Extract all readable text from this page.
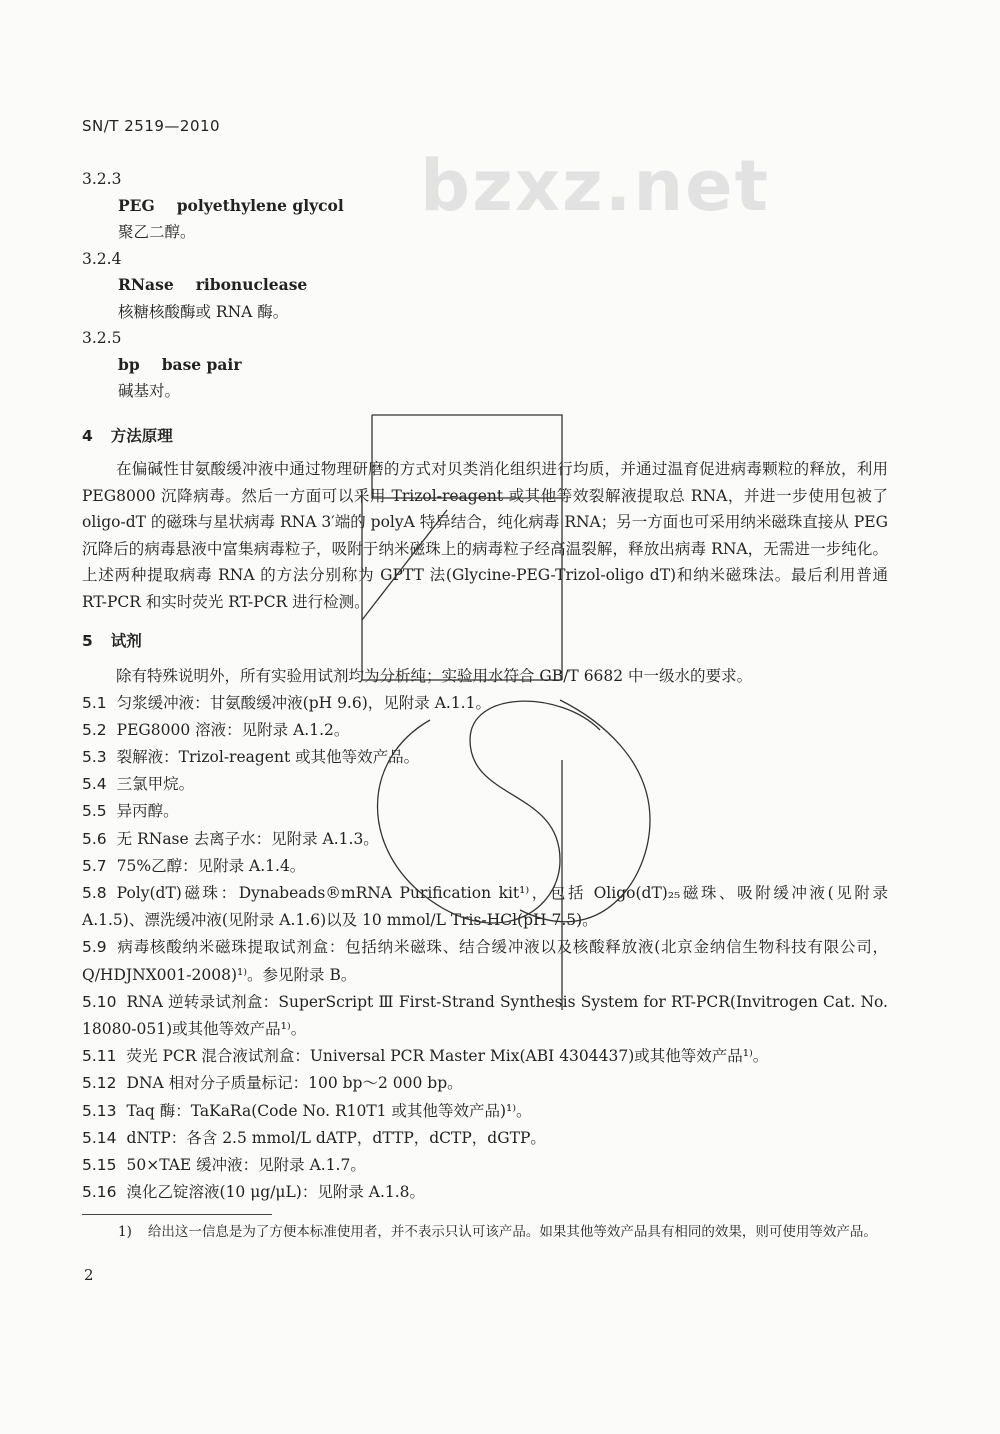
bzxz.net
SN/T 2519—2010
3.2.3
PEG polyethylene glycol
聚乙二醇。
3.2.4
RNase ribonuclease
核糖核酸酶或 RNA 酶。
3.2.5
bp base pair
碱基对。
4 方法原理
在偏碱性甘氨酸缓冲液中通过物理研磨的方式对贝类消化组织进行均质，并通过温育促进病毒颗粒的释放，利用 PEG8000 沉降病毒。然后一方面可以采用 Trizol-reagent 或其他等效裂解液提取总 RNA，并进一步使用包被了 oligo-dT 的磁珠与星状病毒 RNA 3′端的 polyA 特异结合，纯化病毒 RNA；另一方面也可采用纳米磁珠直接从 PEG 沉降后的病毒悬液中富集病毒粒子，吸附于纳米磁珠上的病毒粒子经高温裂解，释放出病毒 RNA，无需进一步纯化。上述两种提取病毒 RNA 的方法分别称为 GPTT 法(Glycine-PEG-Trizol-oligo dT)和纳米磁珠法。最后利用普通 RT-PCR 和实时荧光 RT-PCR 进行检测。
5 试剂
除有特殊说明外，所有实验用试剂均为分析纯；实验用水符合 GB/T 6682 中一级水的要求。
5.1 匀浆缓冲液：甘氨酸缓冲液(pH 9.6)，见附录 A.1.1。
5.2 PEG8000 溶液：见附录 A.1.2。
5.3 裂解液：Trizol-reagent 或其他等效产品。
5.4 三氯甲烷。
5.5 异丙醇。
5.6 无 RNase 去离子水：见附录 A.1.3。
5.7 75%乙醇：见附录 A.1.4。
5.8 Poly(dT)磁珠：Dynabeads®mRNA Purification kit¹⁾，包括 Oligo(dT)₂₅磁珠、吸附缓冲液(见附录 A.1.5)、漂洗缓冲液(见附录 A.1.6)以及 10 mmol/L Tris-HCl(pH 7.5)。
5.9 病毒核酸纳米磁珠提取试剂盒：包括纳米磁珠、结合缓冲液以及核酸释放液(北京金纳信生物科技有限公司，Q/HDJNX001-2008)¹⁾。参见附录 B。
5.10 RNA 逆转录试剂盒：SuperScript Ⅲ First-Strand Synthesis System for RT-PCR(Invitrogen Cat. No. 18080-051)或其他等效产品¹⁾。
5.11 荧光 PCR 混合液试剂盒：Universal PCR Master Mix(ABI 4304437)或其他等效产品¹⁾。
5.12 DNA 相对分子质量标记：100 bp～2 000 bp。
5.13 Taq 酶：TaKaRa(Code No. R10T1 或其他等效产品)¹⁾。
5.14 dNTP：各含 2.5 mmol/L dATP，dTTP，dCTP，dGTP。
5.15 50×TAE 缓冲液：见附录 A.1.7。
5.16 溴化乙锭溶液(10 μg/μL)：见附录 A.1.8。
1) 给出这一信息是为了方便本标准使用者，并不表示只认可该产品。如果其他等效产品具有相同的效果，则可使用等效产品。
2
